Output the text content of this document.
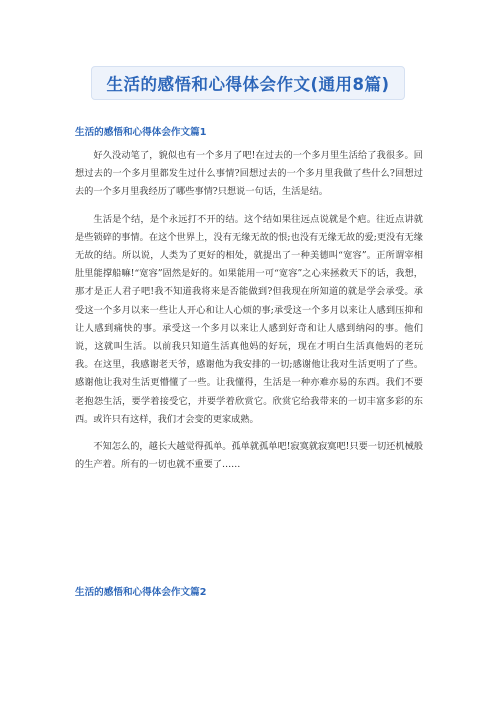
生活的感悟和心得体会作文(通用8篇)
生活的感悟和心得体会作文篇1

好久没动笔了，貌似也有一个多月了吧!在过去的一个多月里生活给了我很多。回想过去的一个多月里都发生过什么事情?回想过去的一个多月里我做了些什么?回想过去的一个多月里我经历了哪些事情?只想说一句话，生活是结。

生活是个结，是个永远打不开的结。这个结如果往远点说就是个疤。往近点讲就是些锁碎的事情。在这个世界上，没有无缘无故的恨;也没有无缘无故的爱;更没有无缘无故的结。所以说，人类为了更好的相处，就提出了一种美德叫“宽容”。正所谓宰相肚里能撑船嘛!“宽容”固然是好的。如果能用一可“宽容”之心来拯救天下的话，我想，那才是正人君子吧!我不知道我将来是否能做到?但我现在所知道的就是学会承受。承受这一个多月以来一些让人开心和让人心烦的事;承受这一个多月以来让人感到压抑和让人感到痛快的事。承受这一个多月以来让人感到好奇和让人感到纳闷的事。他们说，这就叫生活。以前我只知道生活真他妈的好玩，现在才明白生活真他妈的老玩我。在这里，我感谢老天爷，感谢他为我安排的一切;感谢他让我对生活更明了了些。感谢他让我对生活更懵懂了一些。让我懂得，生活是一种亦难亦易的东西。我们不要老抱怨生活，要学着接受它，并要学着欣赏它。欣赏它给我带来的一切丰富多彩的东西。或许只有这样，我们才会变的更家成熟。

不知怎么的，越长大越觉得孤单。孤单就孤单吧!寂寞就寂寞吧!只要一切还机械般的生产着。所有的一切也就不重要了……

生活的感悟和心得体会作文篇2
